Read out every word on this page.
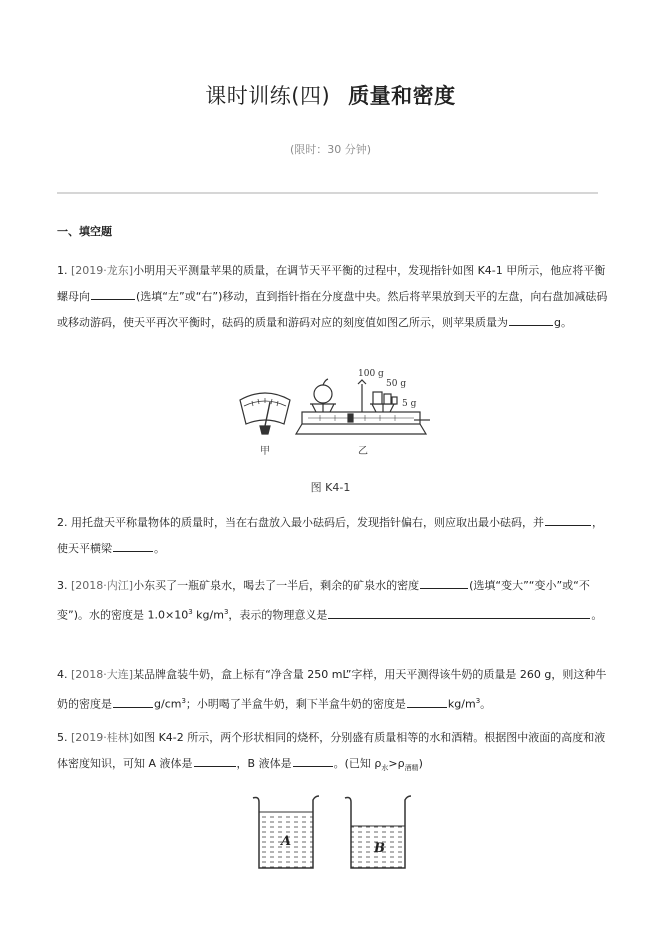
课时训练(四) 质量和密度
(限时：30 分钟)
一、填空题
1. [2019·龙东]小明用天平测量苹果的质量，在调节天平平衡的过程中，发现指针如图 K4-1 甲所示，他应将平衡螺母向	(选填“左”或“右”)移动，直到指针指在分度盘中央。然后将苹果放到天平的左盘，向右盘加减砝码或移动游码，使天平再次平衡时，砝码的质量和游码对应的刻度值如图乙所示，则苹果质量为	g。
甲
100 g
50 g
5 g
乙
图 K4-1
2. 用托盘天平称量物体的质量时，当在右盘放入最小砝码后，发现指针偏右，则应取出最小砝码，并	，使天平横梁	。
3. [2018·内江]小东买了一瓶矿泉水，喝去了一半后，剩余的矿泉水的密度	(选填“变大”“变小”或“不变”)。水的密度是 $1.0\times 10^3$ $kg/m^3$，表示的物理意义是	。
4. [2018·大连]某品牌盒装牛奶，盒上标有“净含量 250 mL”字样，用天平测得该牛奶的质量是 260 g，则这种牛奶的密度是	$g/cm^3$；小明喝了半盒牛奶，剩下半盒牛奶的密度是	$kg/m^3$。
5. [2019·桂林]如图 K4-2 所示，两个形状相同的烧杯，分别盛有质量相等的水和酒精。根据图中液面的高度和液体密度知识，可知 A 液体是	，B 液体是	。(已知 $\rho_水>\rho_{酒精}$)
A	B
